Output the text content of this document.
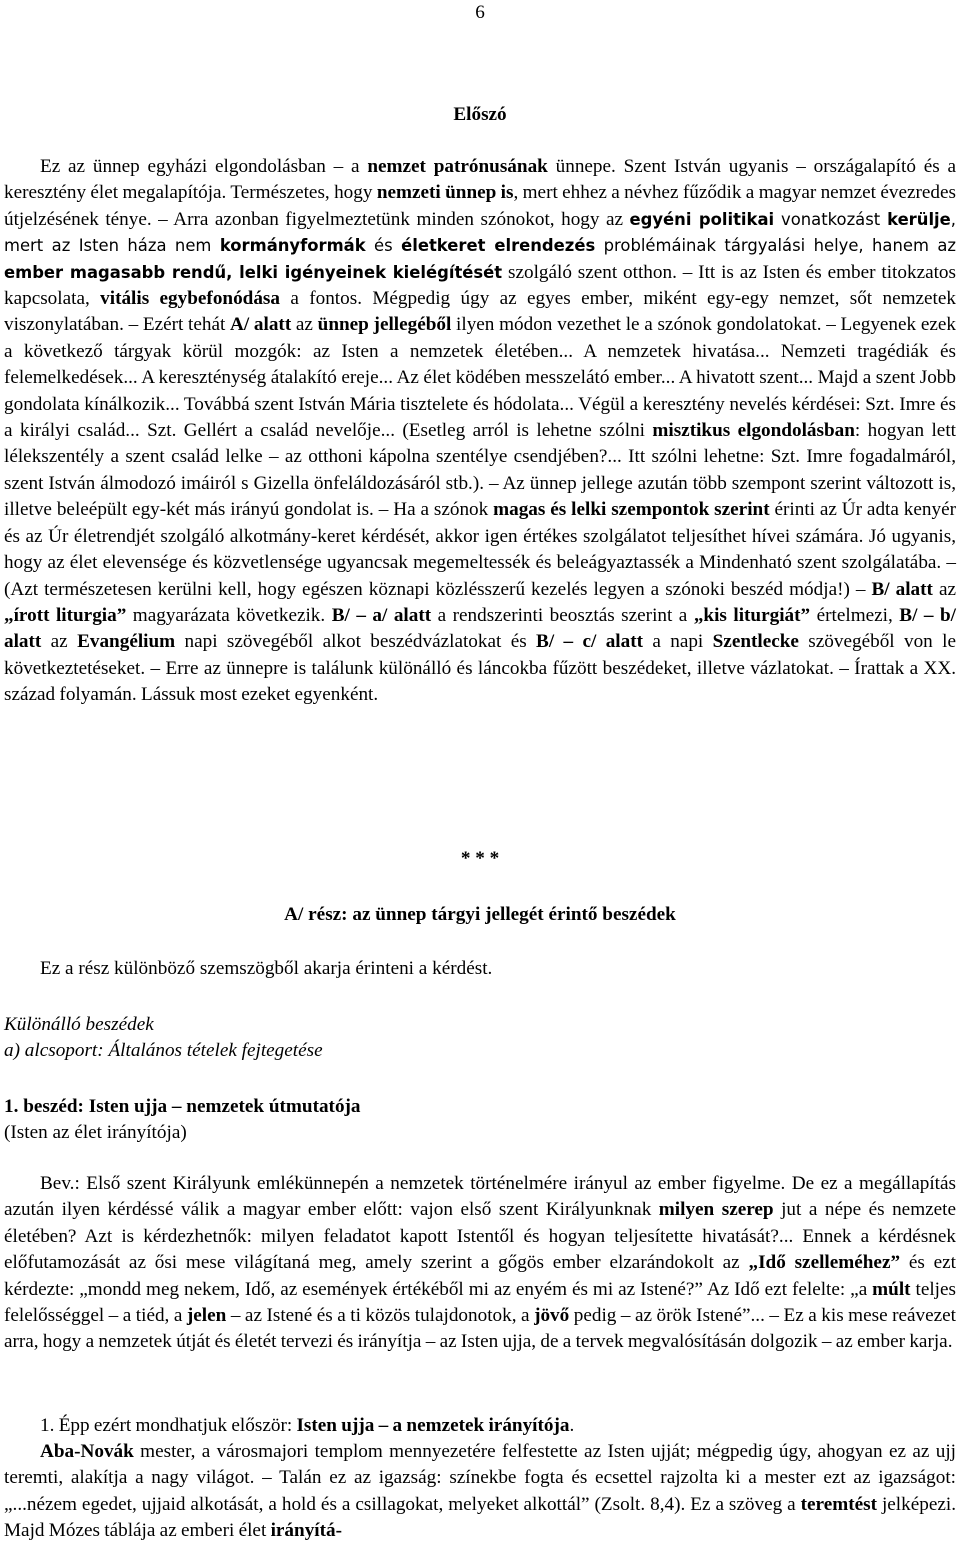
6
Előszó

Ez az ünnep egyházi elgondolásban – a nemzet patrónusának ünnepe. Szent István ugyanis – országalapító és a keresztény élet megalapítója. Természetes, hogy nemzeti ünnep is, mert ehhez a névhez fűződik a magyar nemzet évezredes útjelzésének ténye. – Arra azonban figyelmeztetünk minden szónokot, hogy az egyéni politikai vonatkozást kerülje, mert az Isten háza nem kormányformák és életkeret elrendezés problémáinak tárgyalási helye, hanem az ember magasabb rendű, lelki igényeinek kielégítését szolgáló szent otthon. – Itt is az Isten és ember titokzatos kapcsolata, vitális egybefonódása a fontos. Mégpedig úgy az egyes ember, miként egy-egy nemzet, sőt nemzetek viszonylatában. – Ezért tehát A/ alatt az ünnep jellegéből ilyen módon vezethet le a szónok gondolatokat. – Legyenek ezek a következő tárgyak körül mozgók: az Isten a nemzetek életében... A nemzetek hivatása... Nemzeti tragédiák és felemelkedések... A kereszténység átalakító ereje... Az élet ködében messzelátó ember... A hivatott szent... Majd a szent Jobb gondolata kínálkozik... Továbbá szent István Mária tisztelete és hódolata... Végül a keresztény nevelés kérdései: Szt. Imre és a királyi család... Szt. Gellért a család nevelője... (Esetleg arról is lehetne szólni misztikus elgondolásban: hogyan lett lélekszentély a szent család lelke – az otthoni kápolna szentélye csendjében?... Itt szólni lehetne: Szt. Imre fogadalmáról, szent István álmodozó imáiról s Gizella önfeláldozásáról stb.). – Az ünnep jellege azután több szempont szerint változott is, illetve beleépült egy-két más irányú gondolat is. – Ha a szónok magas és lelki szempontok szerint érinti az Úr adta kenyér és az Úr életrendjét szolgáló alkotmány-keret kérdését, akkor igen értékes szolgálatot teljesíthet hívei számára. Jó ugyanis, hogy az élet elevensége és közvetlensége ugyancsak megemeltessék és beleágyaztassék a Mindenható szent szolgálatába. – (Azt természetesen kerülni kell, hogy egészen köznapi közlésszerű kezelés legyen a szónoki beszéd módja!) – B/ alatt az „írott liturgia” magyarázata következik. B/ – a/ alatt a rendszerinti beosztás szerint a „kis liturgiát” értelmezi, B/ – b/ alatt az Evangélium napi szövegéből alkot beszédvázlatokat és B/ – c/ alatt a napi Szentlecke szövegéből von le következtetéseket. – Erre az ünnepre is találunk különálló és láncokba fűzött beszédeket, illetve vázlatokat. – Írattak a XX. század folyamán. Lássuk most ezeket egyenként.

* * *
A/ rész: az ünnep tárgyi jellegét érintő beszédek
Ez a rész különböző szemszögből akarja érinteni a kérdést.
Különálló beszédek
a) alcsoport: Általános tételek fejtegetése
1. beszéd: Isten ujja – nemzetek útmutatója
(Isten az élet irányítója)

Bev.: Első szent Királyunk emlékünnepén a nemzetek történelmére irányul az ember figyelme. De ez a megállapítás azután ilyen kérdéssé válik a magyar ember előtt: vajon első szent Királyunknak milyen szerep jut a népe és nemzete életében? Azt is kérdezhetnők: milyen feladatot kapott Istentől és hogyan teljesítette hivatását?... Ennek a kérdésnek előfutamozását az ősi mese világítaná meg, amely szerint a gőgös ember elzarándokolt az „Idő szelleméhez” és ezt kérdezte: „mondd meg nekem, Idő, az események értékéből mi az enyém és mi az Istené?” Az Idő ezt felelte: „a múlt teljes felelősséggel – a tiéd, a jelen – az Istené és a ti közös tulajdonotok, a jövő pedig – az örök Istené”... – Ez a kis mese reávezet arra, hogy a nemzetek útját és életét tervezi és irányítja – az Isten ujja, de a tervek megvalósításán dolgozik – az ember karja.

1. Épp ezért mondhatjuk először: Isten ujja – a nemzetek irányítója.

Aba-Novák mester, a városmajori templom mennyezetére felfestette az Isten ujját; mégpedig úgy, ahogyan ez az ujj teremti, alakítja a nagy világot. – Talán ez az igazság: színekbe fogta és ecsettel rajzolta ki a mester ezt az igazságot: „...nézem egedet, ujjaid alkotását, a hold és a csillagokat, melyeket alkottál” (Zsolt. 8,4). Ez a szöveg a teremtést jelképezi. Majd Mózes táblája az emberi élet irányítá-
